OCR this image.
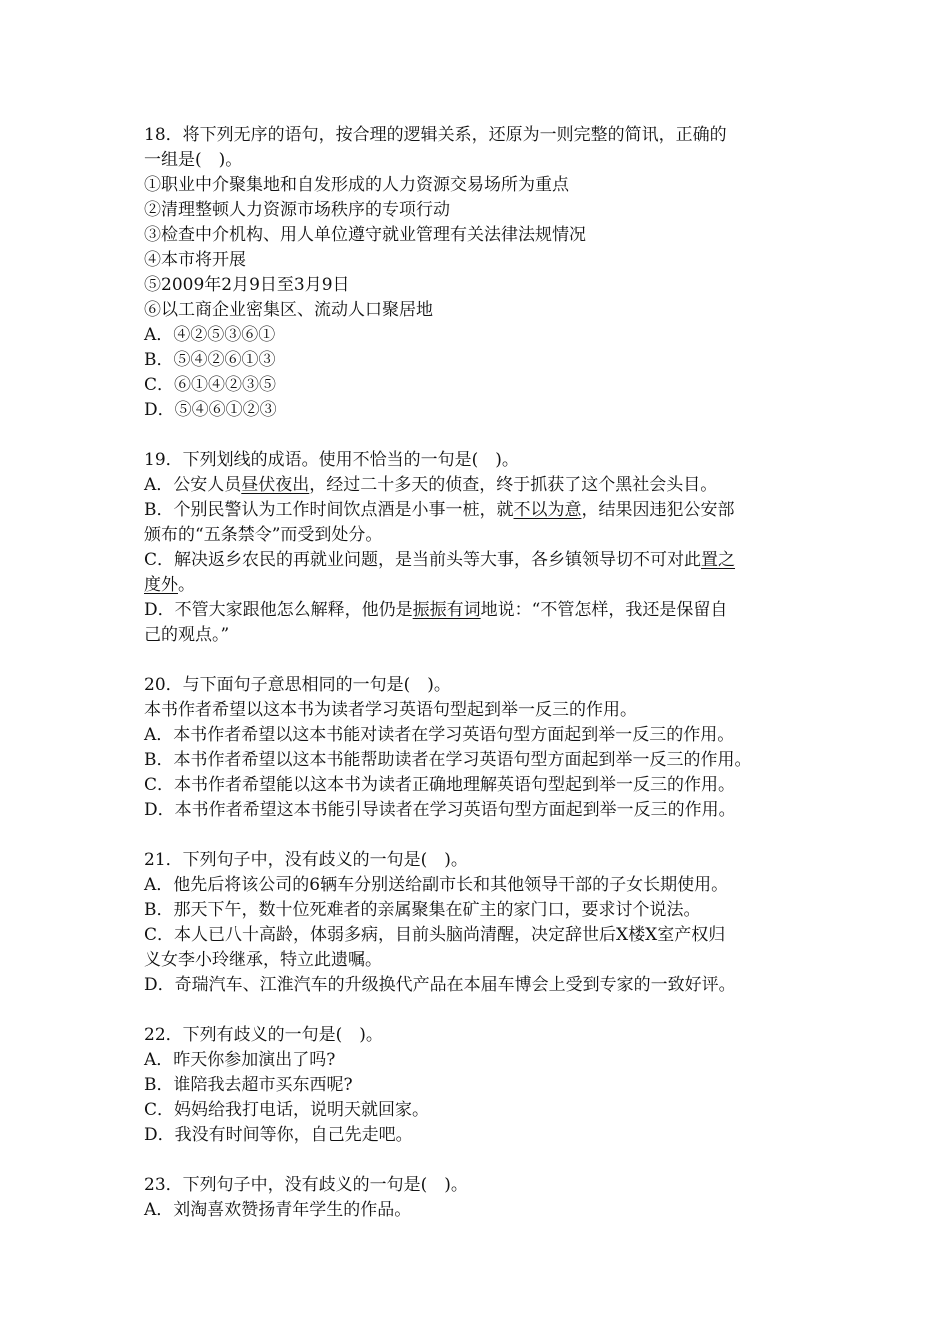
18．将下列无序的语句，按合理的逻辑关系，还原为一则完整的简讯，正确的
一组是(　)。
①职业中介聚集地和自发形成的人力资源交易场所为重点
②清理整顿人力资源市场秩序的专项行动
③检查中介机构、用人单位遵守就业管理有关法律法规情况
④本市将开展
⑤2009年2月9日至3月9日
⑥以工商企业密集区、流动人口聚居地
A．④②⑤③⑥①
B．⑤④②⑥①③
C．⑥①④②③⑤
D．⑤④⑥①②③
19．下列划线的成语。使用不恰当的一句是(　)。
A．公安人员昼伏夜出，经过二十多天的侦查，终于抓获了这个黑社会头目。
B．个别民警认为工作时间饮点酒是小事一桩，就不以为意，结果因违犯公安部
颁布的“五条禁令”而受到处分。
C．解决返乡农民的再就业问题，是当前头等大事，各乡镇领导切不可对此置之
度外。
D．不管大家跟他怎么解释，他仍是振振有词地说：“不管怎样，我还是保留自
己的观点。”
20．与下面句子意思相同的一句是(　)。
本书作者希望以这本书为读者学习英语句型起到举一反三的作用。
A．本书作者希望以这本书能对读者在学习英语句型方面起到举一反三的作用。
B．本书作者希望以这本书能帮助读者在学习英语句型方面起到举一反三的作用。
C．本书作者希望能以这本书为读者正确地理解英语句型起到举一反三的作用。
D．本书作者希望这本书能引导读者在学习英语句型方面起到举一反三的作用。
21．下列句子中，没有歧义的一句是(　)。
A．他先后将该公司的6辆车分别送给副市长和其他领导干部的子女长期使用。
B．那天下午，数十位死难者的亲属聚集在矿主的家门口，要求讨个说法。
C．本人已八十高龄，体弱多病，目前头脑尚清醒，决定辞世后X楼X室产权归
义女李小玲继承，特立此遗嘱。
D．奇瑞汽车、江淮汽车的升级换代产品在本届车博会上受到专家的一致好评。
22．下列有歧义的一句是(　)。
A．昨天你参加演出了吗?
B．谁陪我去超市买东西呢?
C．妈妈给我打电话，说明天就回家。
D．我没有时间等你，自己先走吧。
23．下列句子中，没有歧义的一句是(　)。
A．刘淘喜欢赞扬青年学生的作品。
